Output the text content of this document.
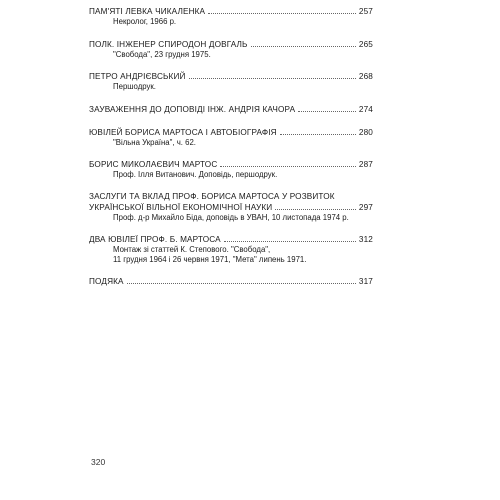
ПАМ'ЯТІ ЛЕВКА ЧИКАЛЕНКА	257
Некролог, 1966 р.
ПОЛК. ІНЖЕНЕР СПИРОДОН ДОВГАЛЬ	265
"Свобода", 23 грудня 1975.
ПЕТРО АНДРІЄВСЬКИЙ	268
Першодрук.
ЗАУВАЖЕННЯ ДО ДОПОВІДІ ІНЖ. АНДРІЯ КАЧОРА	274
ЮВІЛЕЙ БОРИСА МАРТОСА І АВТОБІОГРАФІЯ	280
"Вільна Україна", ч. 62.
БОРИС МИКОЛАЄВИЧ МАРТОС	287
Проф. Ілля Витанович. Доповідь, першодрук.
ЗАСЛУГИ ТА ВКЛАД ПРОФ. БОРИСА МАРТОСА У РОЗВИТОК
УКРАЇНСЬКОЇ ВІЛЬНОЇ ЕКОНОМІЧНОЇ НАУКИ	297
Проф. д-р Михайло Біда, доповідь в УВАН, 10 листопада 1974 р.
ДВА ЮВІЛЕЇ ПРОФ. Б. МАРТОСА	312
Монтаж зі статтей К. Степового. "Свобода",
11 грудня 1964 і 26 червня 1971, "Мета" липень 1971.
ПОДЯКА	317
320
